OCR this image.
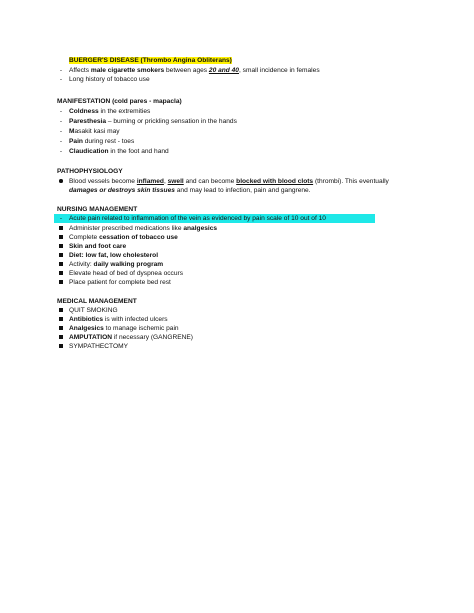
BUERGER'S DISEASE (Thrombo Angina Obliterans)
-	Affects male cigarette smokers between ages 20 and 40, small incidence in females
-	Long history of tobacco use
MANIFESTATION (cold pares - mapacla)
-	Coldness in the extremities
-	Paresthesia – burning or prickling sensation in the hands
-	Masakit kasi may
-	Pain during rest - toes
-	Claudication in the foot and hand
PATHOPHYSIOLOGY
Blood vessels become inflamed, swell and can become blocked with blood clots (thrombi). This eventually
damages or destroys skin tissues and may lead to infection, pain and gangrene.
NURSING MANAGEMENT
-	Acute pain related to inflammation of the vein as evidenced by pain scale of 10 out of 10
Administer prescribed medications like analgesics
Complete cessation of tobacco use
Skin and foot care
Diet: low fat, low cholesterol
Activity: daily walking program
Elevate head of bed of dyspnea occurs
Place patient for complete bed rest
MEDICAL MANAGEMENT
QUIT SMOKING
Antibiotics is with infected ulcers
Analgesics to manage ischemic pain
AMPUTATION if necessary (GANGRENE)
SYMPATHECTOMY
